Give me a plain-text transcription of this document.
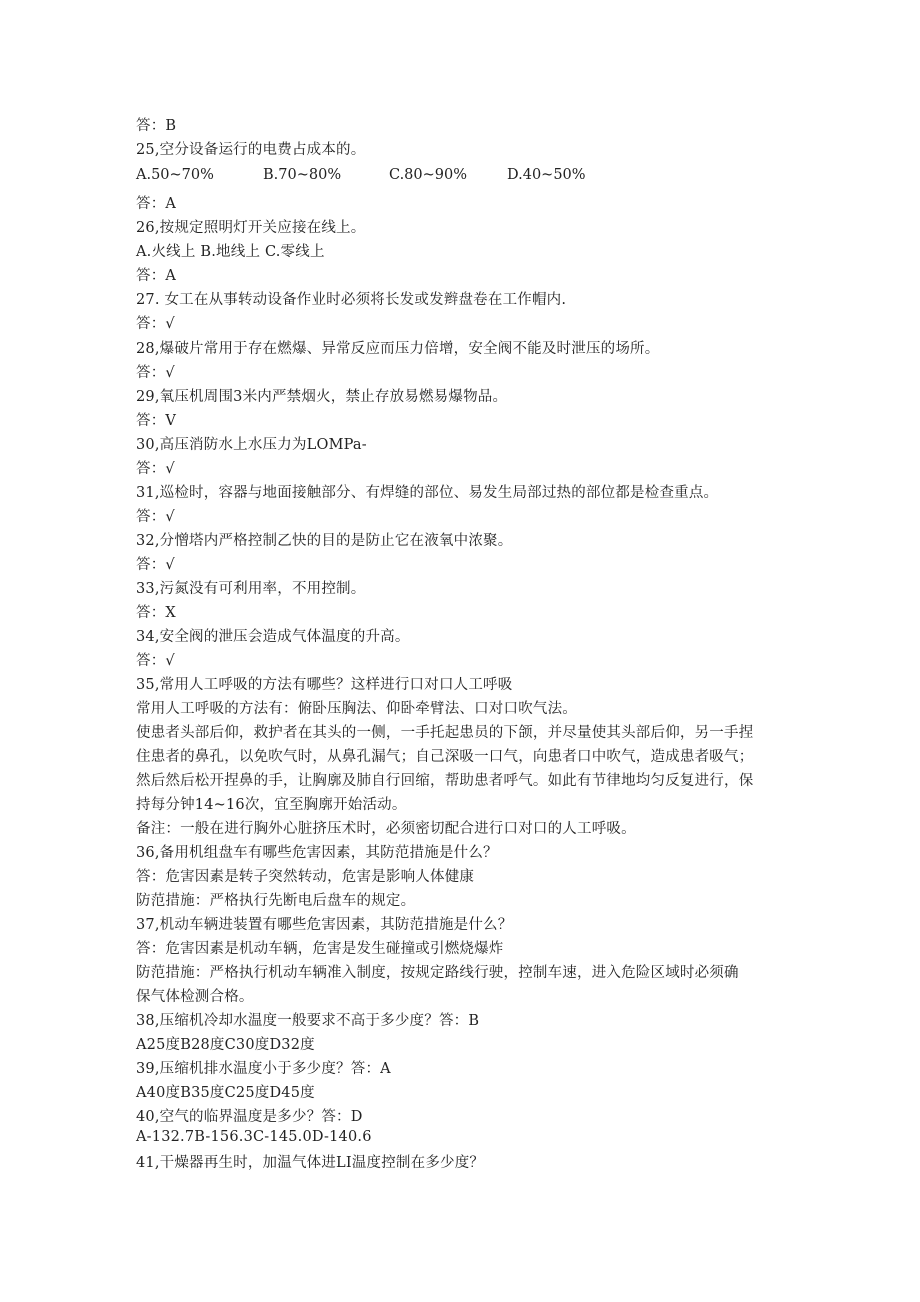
答：B
25,空分设备运行的电费占成本的。
A.50~70%	B.70~80%	C.80~90%	D.40~50%
答：A
26,按规定照明灯开关应接在线上。
A.火线上 B.地线上 C.零线上
答：A
27. 女工在从事转动设备作业时必须将长发或发辫盘卷在工作帽内.
答：√
28,爆破片常用于存在燃爆、异常反应而压力倍增，安全阀不能及时泄压的场所。
答：√
29,氧压机周围3米内严禁烟火，禁止存放易燃易爆物品。
答：V
30,高压消防水上水压力为LOMPa-
答：√
31,巡检时，容器与地面接触部分、有焊缝的部位、易发生局部过热的部位都是检查重点。
答：√
32,分憎塔内严格控制乙快的目的是防止它在液氧中浓聚。
答：√
33,污氮没有可利用率，不用控制。
答：X
34,安全阀的泄压会造成气体温度的升高。
答：√
35,常用人工呼吸的方法有哪些？这样进行口对口人工呼吸
常用人工呼吸的方法有：俯卧压胸法、仰卧牵臂法、口对口吹气法。
使患者头部后仰，救护者在其头的一侧，一手托起患员的下颌，并尽量使其头部后仰，另一手捏
住患者的鼻孔，以免吹气时，从鼻孔漏气；自己深吸一口气，向患者口中吹气，造成患者吸气；
然后然后松开捏鼻的手，让胸廓及肺自行回缩，帮助患者呼气。如此有节律地均匀反复进行，保
持每分钟14~16次，宜至胸廓开始活动。
备注：一般在进行胸外心脏挤压术时，必须密切配合进行口对口的人工呼吸。
36,备用机组盘车有哪些危害因素，其防范措施是什么？
答：危害因素是转子突然转动，危害是影响人体健康
防范措施：严格执行先断电后盘车的规定。
37,机动车辆进装置有哪些危害因素，其防范措施是什么？
答：危害因素是机动车辆，危害是发生碰撞或引燃烧爆炸
防范措施：严格执行机动车辆准入制度，按规定路线行驶，控制车速，进入危险区域时必须确
保气体检测合格。
38,压缩机冷却水温度一般要求不高于多少度？答：B
A25度B28度C30度D32度
39,压缩机排水温度小于多少度？答：A
A40度B35度C25度D45度
40,空气的临界温度是多少？答：D
A-132.7B-156.3C-145.0D-140.6
41,干燥器再生时，加温气体进LI温度控制在多少度？
